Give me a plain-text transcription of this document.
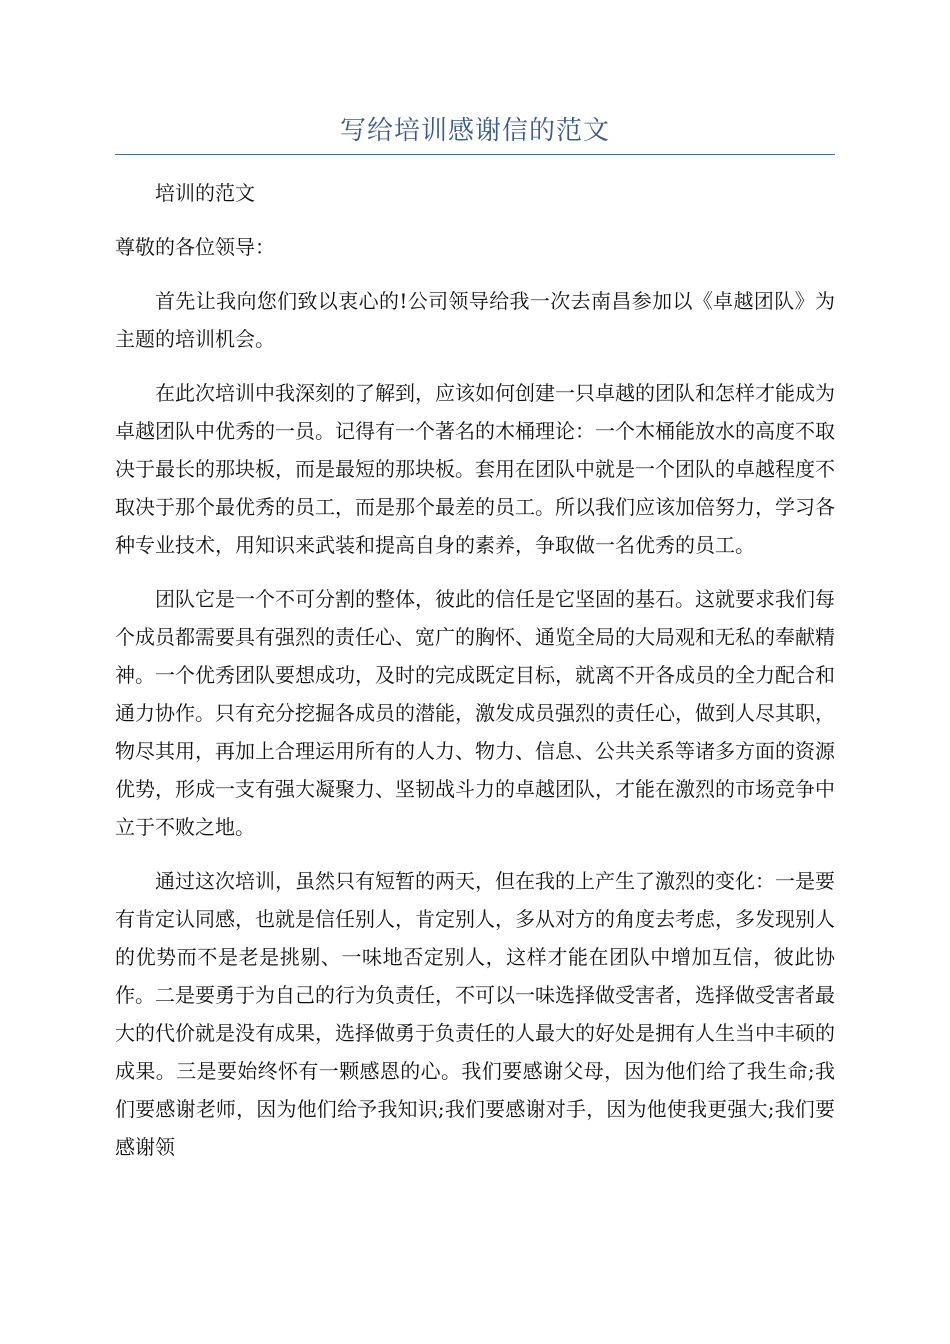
写给培训感谢信的范文

培训的范文

尊敬的各位领导：

首先让我向您们致以衷心的!公司领导给我一次去南昌参加以《卓越团队》为主题的培训机会。

在此次培训中我深刻的了解到，应该如何创建一只卓越的团队和怎样才能成为卓越团队中优秀的一员。记得有一个著名的木桶理论：一个木桶能放水的高度不取决于最长的那块板，而是最短的那块板。套用在团队中就是一个团队的卓越程度不取决于那个最优秀的员工，而是那个最差的员工。所以我们应该加倍努力，学习各种专业技术，用知识来武装和提高自身的素养，争取做一名优秀的员工。

团队它是一个不可分割的整体，彼此的信任是它坚固的基石。这就要求我们每个成员都需要具有强烈的责任心、宽广的胸怀、通览全局的大局观和无私的奉献精神。一个优秀团队要想成功，及时的完成既定目标，就离不开各成员的全力配合和通力协作。只有充分挖掘各成员的潜能，激发成员强烈的责任心，做到人尽其职，物尽其用，再加上合理运用所有的人力、物力、信息、公共关系等诸多方面的资源优势，形成一支有强大凝聚力、坚韧战斗力的卓越团队，才能在激烈的市场竞争中立于不败之地。

通过这次培训，虽然只有短暂的两天，但在我的上产生了激烈的变化：一是要有肯定认同感，也就是信任别人，肯定别人，多从对方的角度去考虑，多发现别人的优势而不是老是挑剔、一味地否定别人，这样才能在团队中增加互信，彼此协作。二是要勇于为自己的行为负责任，不可以一味选择做受害者，选择做受害者最大的代价就是没有成果，选择做勇于负责任的人最大的好处是拥有人生当中丰硕的成果。三是要始终怀有一颗感恩的心。我们要感谢父母，因为他们给了我生命;我们要感谢老师，因为他们给予我知识;我们要感谢对手，因为他使我更强大;我们要感谢领
